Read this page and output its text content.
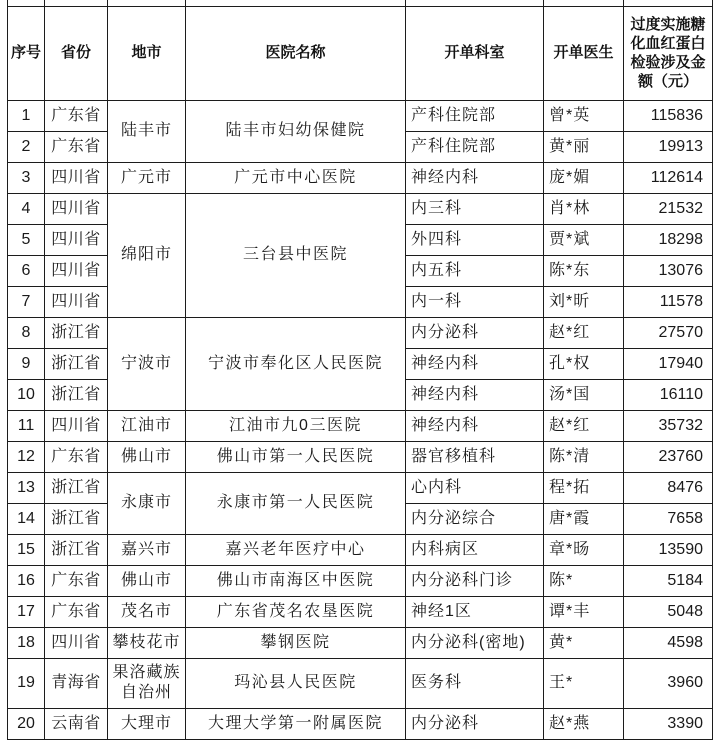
序号	省份	地市	医院名称	开单科室	开单医生	过度实施糖化血红蛋白检验涉及金额（元）
1	广东省	陆丰市	陆丰市妇幼保健院	产科住院部	曾*英	115836
2	广东省			产科住院部	黄*丽	19913
3	四川省	广元市	广元市中心医院	神经内科	庞*媚	112614
4	四川省	绵阳市	三台县中医院	内三科	肖*林	21532
5	四川省			外四科	贾*斌	18298
6	四川省			内五科	陈*东	13076
7	四川省			内一科	刘*昕	11578
8	浙江省	宁波市	宁波市奉化区人民医院	内分泌科	赵*红	27570
9	浙江省			神经内科	孔*权	17940
10	浙江省			神经内科	汤*国	16110
11	四川省	江油市	江油市九0三医院	神经内科	赵*红	35732
12	广东省	佛山市	佛山市第一人民医院	器官移植科	陈*清	23760
13	浙江省	永康市	永康市第一人民医院	心内科	程*拓	8476
14	浙江省			内分泌综合	唐*霞	7658
15	浙江省	嘉兴市	嘉兴老年医疗中心	内科病区	章*旸	13590
16	广东省	佛山市	佛山市南海区中医院	内分泌科门诊	陈*	5184
17	广东省	茂名市	广东省茂名农垦医院	神经1区	谭*丰	5048
18	四川省	攀枝花市	攀钢医院	内分泌科(密地)	黄*	4598
19	青海省	果洛藏族自治州	玛沁县人民医院	医务科	王*	3960
20	云南省	大理市	大理大学第一附属医院	内分泌科	赵*燕	3390
